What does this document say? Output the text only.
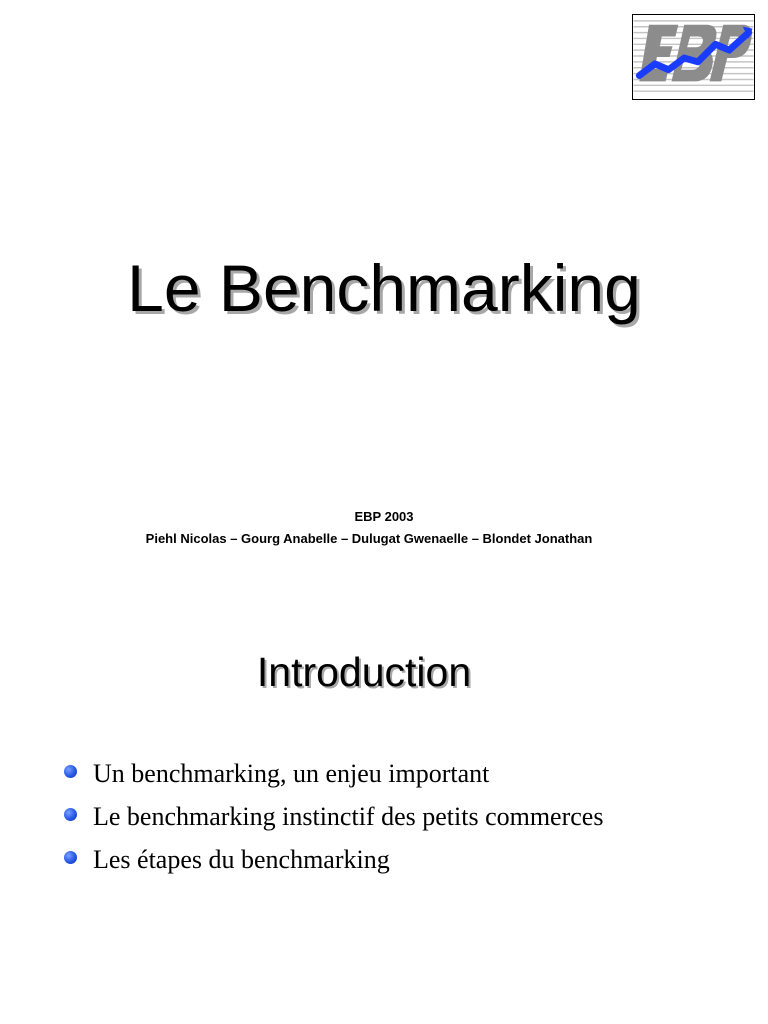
Le Benchmarking
EBP 2003
Piehl Nicolas – Gourg Anabelle – Dulugat Gwenaelle – Blondet Jonathan
Introduction
Un benchmarking, un enjeu important
Le benchmarking instinctif des petits commerces
Les étapes du benchmarking
